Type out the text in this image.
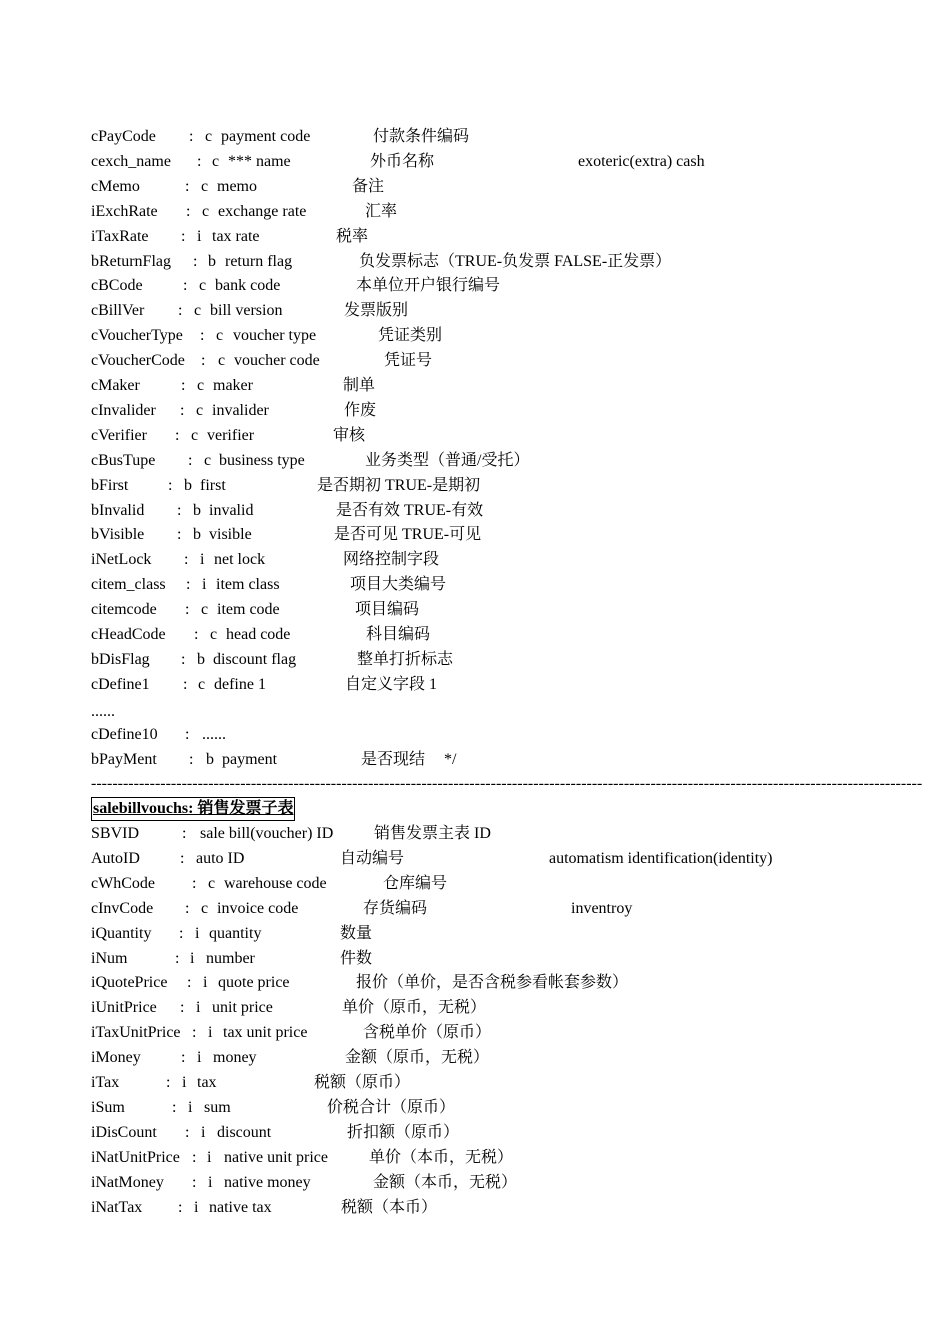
cPayCode : c payment code	付款条件编码
cexch_name : c *** name	外币名称	exoteric(extra) cash
cMemo	: c memo	备注
iExchRate : c exchange rate	汇率
iTaxRate : i tax rate	税率
bReturnFlag : b return flag	负发票标志（TRUE-负发票 FALSE-正发票）
cBCode	: c bank code	本单位开户银行编号
cBillVer : c bill version	发票版别
cVoucherType : c voucher type	凭证类别
cVoucherCode : c voucher code	凭证号
cMaker	: c maker	制单
cInvalider : c invalider	作废
cVerifier : c verifier	审核
cBusTupe : c business type	业务类型（普通/受托）
bFirst : b first	是否期初 TRUE-是期初
bInvalid : b invalid	是否有效 TRUE-有效
bVisible : b visible	是否可见 TRUE-可见
iNetLock : i net lock	网络控制字段
citem_class : i item class	项目大类编号
citemcode : c item code	项目编码
cHeadCode : c head code	科目编码
bDisFlag : b discount flag	整单打折标志
cDefine1 : c define 1	自定义字段 1
......
cDefine10 : ......
bPayMent : b payment	是否现结 */
------------------------------------------------------------------------------------------------------------------------------------------------------------
salebillvouchs: 销售发票子表
SBVID	: sale bill(voucher) ID	销售发票主表 ID
AutoID	: auto ID	自动编号	automatism identification(identity)
cWhCode : c warehouse code	仓库编号
cInvCode : c invoice code	存货编码	inventroy
iQuantity : i quantity	数量
iNum	: i number	件数
iQuotePrice : i quote price	报价（单价，是否含税参看帐套参数）
iUnitPrice : i unit price	单价（原币，无税）
iTaxUnitPrice : i tax unit price	含税单价（原币）
iMoney	: i money	金额（原币，无税）
iTax	: i tax	税额（原币）
iSum	: i sum	价税合计（原币）
iDisCount : i discount	折扣额（原币）
iNatUnitPrice : i native unit price	单价（本币，无税）
iNatMoney : i native money	金额（本币，无税）
iNatTax : i native tax	税额（本币）
